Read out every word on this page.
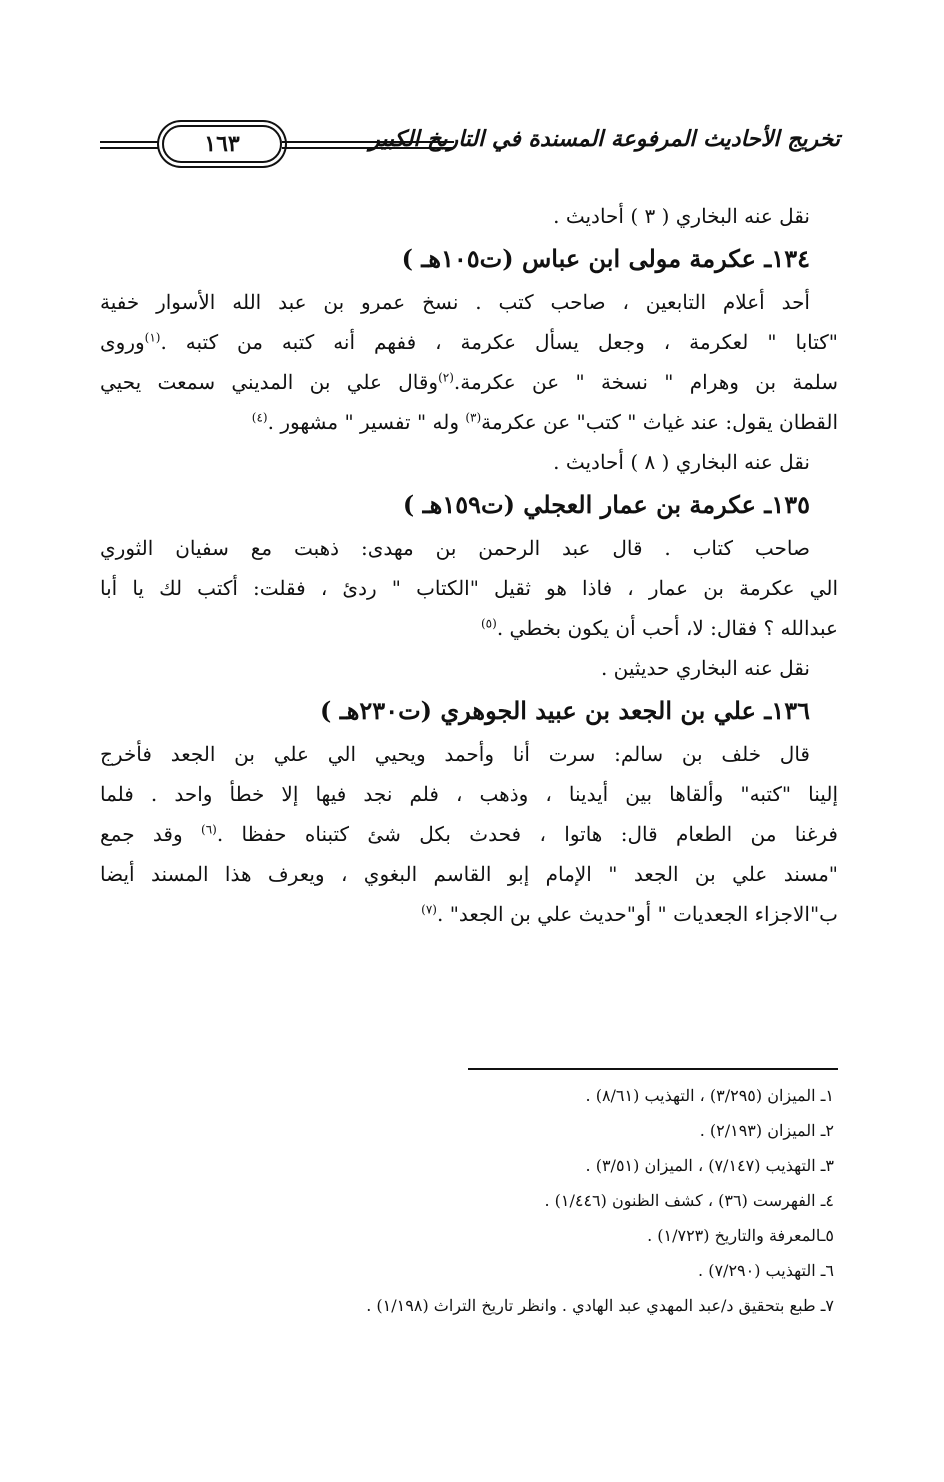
١٦٣	تخريج الأحاديث المرفوعة المسندة في التاريخ الكبير
نقل عنه البخاري ( ٣ ) أحاديث .
١٣٤ـ عكرمة مولى ابن عباس (ت١٠٥هـ )
أحد أعلام التابعين ، صاحب كتب . نسخ عمرو بن عبد الله الأسوار خفية
"كتابا " لعكرمة ، وجعل يسأل عكرمة ، ففهم أنه كتبه من كتبه .$^{(١)}$وروى
سلمة بن وهرام " نسخة " عن عكرمة.$^{(٢)}$وقال علي بن المديني سمعت يحيي
القطان يقول: عند غياث " كتب" عن عكرمة$^{(٣)}$ وله " تفسير " مشهور .$^{(٤)}$
نقل عنه البخاري ( ٨ ) أحاديث .
١٣٥ـ عكرمة بن عمار العجلي (ت١٥٩هـ )
صاحب كتاب . قال عبد الرحمن بن مهدى: ذهبت مع سفيان الثوري
الي عكرمة بن عمار ، فاذا هو ثقيل "الكتاب " ردئ ، فقلت: أكتب لك يا أبا
عبدالله ؟ فقال: لا، أحب أن يكون بخطي .$^{(٥)}$
نقل عنه البخاري حديثين .
١٣٦ـ علي بن الجعد بن عبيد الجوهري (ت٢٣٠هـ )
قال خلف بن سالم: سرت أنا وأحمد ويحيي الي علي بن الجعد فأخرج
إلينا "كتبه" وألقاها بين أيدينا ، وذهب ، فلم نجد فيها إلا خطأ واحد . فلما
فرغنا من الطعام قال: هاتوا ، فحدث بكل شئ كتبناه حفظا .$^{(٦)}$ وقد جمع
"مسند علي بن الجعد " الإمام إبو القاسم البغوي ، ويعرف هذا المسند أيضا
ب"الاجزاء الجعديات " أو"حديث علي بن الجعد" .$^{(٧)}$

١ـ الميزان (٣/٢٩٥) ، التهذيب (٨/٦١) .

٢ـ الميزان (٢/١٩٣) .

٣ـ التهذيب (٧/١٤٧) ، الميزان (٣/٥١) .

٤ـ الفهرست (٣٦) ، كشف الظنون (١/٤٤٦) .

٥ـالمعرفة والتاريخ (١/٧٢٣) .

٦ـ التهذيب (٧/٢٩٠) .

٧ـ طبع بتحقيق د/عبد المهدي عبد الهادي . وانظر تاريخ التراث (١/١٩٨) .
